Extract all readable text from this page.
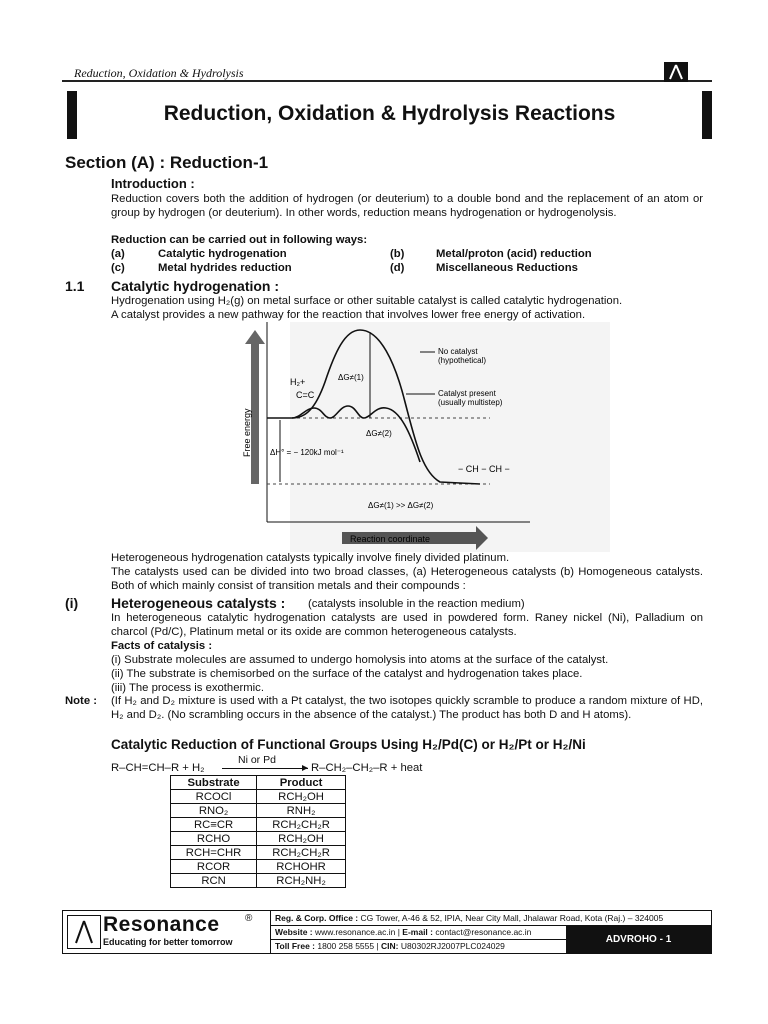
Reduction, Oxidation & Hydrolysis
Reduction, Oxidation & Hydrolysis Reactions
Section (A) : Reduction-1
Introduction :
Reduction covers both the addition of hydrogen (or deuterium) to a double bond and the replacement of an atom or group by hydrogen (or deuterium). In other words, reduction means hydrogenation or hydrogenolysis.
Reduction can be carried out in following ways:
(a)	Catalytic hydrogenation	(b)	Metal/proton (acid) reduction
(c)	Metal hydrides reduction	(d)	Miscellaneous Reductions
1.1 Catalytic hydrogenation :
Hydrogenation using H₂(g) on metal surface or other suitable catalyst is called catalytic hydrogenation.
A catalyst provides a new pathway for the reaction that involves lower free energy of activation.
Free energy
Reaction coordinate
H₂+
C=C
No catalyst
(hypothetical)
Catalyst present
(usually multistep)
ΔG≠(1)
ΔG≠(2)
ΔH° = − 120kJ mol⁻¹
− CH − CH −
ΔG≠(1) >> ΔG≠(2)
Heterogeneous hydrogenation catalysts typically involve finely divided platinum.
The catalysts used can be divided into two broad classes, (a) Heterogeneous catalysts (b) Homogeneous catalysts. Both of which mainly consist of transition metals and their compounds :
(i) Heterogeneous catalysts : (catalysts insoluble in the reaction medium)
In heterogeneous catalytic hydrogenation catalysts are used in powdered form. Raney nickel (Ni), Palladium on charcol (Pd/C), Platinum metal or its oxide are common heterogeneous catalysts.
Facts of catalysis :
(i) Substrate molecules are assumed to undergo homolysis into atoms at the surface of the catalyst.
(ii) The substrate is chemisorbed on the surface of the catalyst and hydrogenation takes place.
(iii) The process is exothermic.
Note : (If H₂ and D₂ mixture is used with a Pt catalyst, the two isotopes quickly scramble to produce a random mixture of HD, H₂ and D₂. (No scrambling occurs in the absence of the catalyst.) The product has both D and H atoms).
Catalytic Reduction of Functional Groups Using H₂/Pd(C) or H₂/Pt or H₂/Ni
R–CH=CH–R + H₂
Ni or Pd
R–CH₂–CH₂–R + heat
Substrate	Product
RCOCl	RCH₂OH
RNO₂	RNH₂
RC≡CR	RCH₂CH₂R
RCHO	RCH₂OH
RCH=CHR	RCH₂CH₂R
RCOR	RCHOHR
RCN	RCH₂NH₂
Resonance	®
Educating for better tomorrow
Reg. & Corp. Office : CG Tower, A-46 & 52, IPIA, Near City Mall, Jhalawar Road, Kota (Raj.) – 324005
Website : www.resonance.ac.in | E-mail : contact@resonance.ac.in
Toll Free : 1800 258 5555 | CIN: U80302RJ2007PLC024029
ADVROHO - 1
